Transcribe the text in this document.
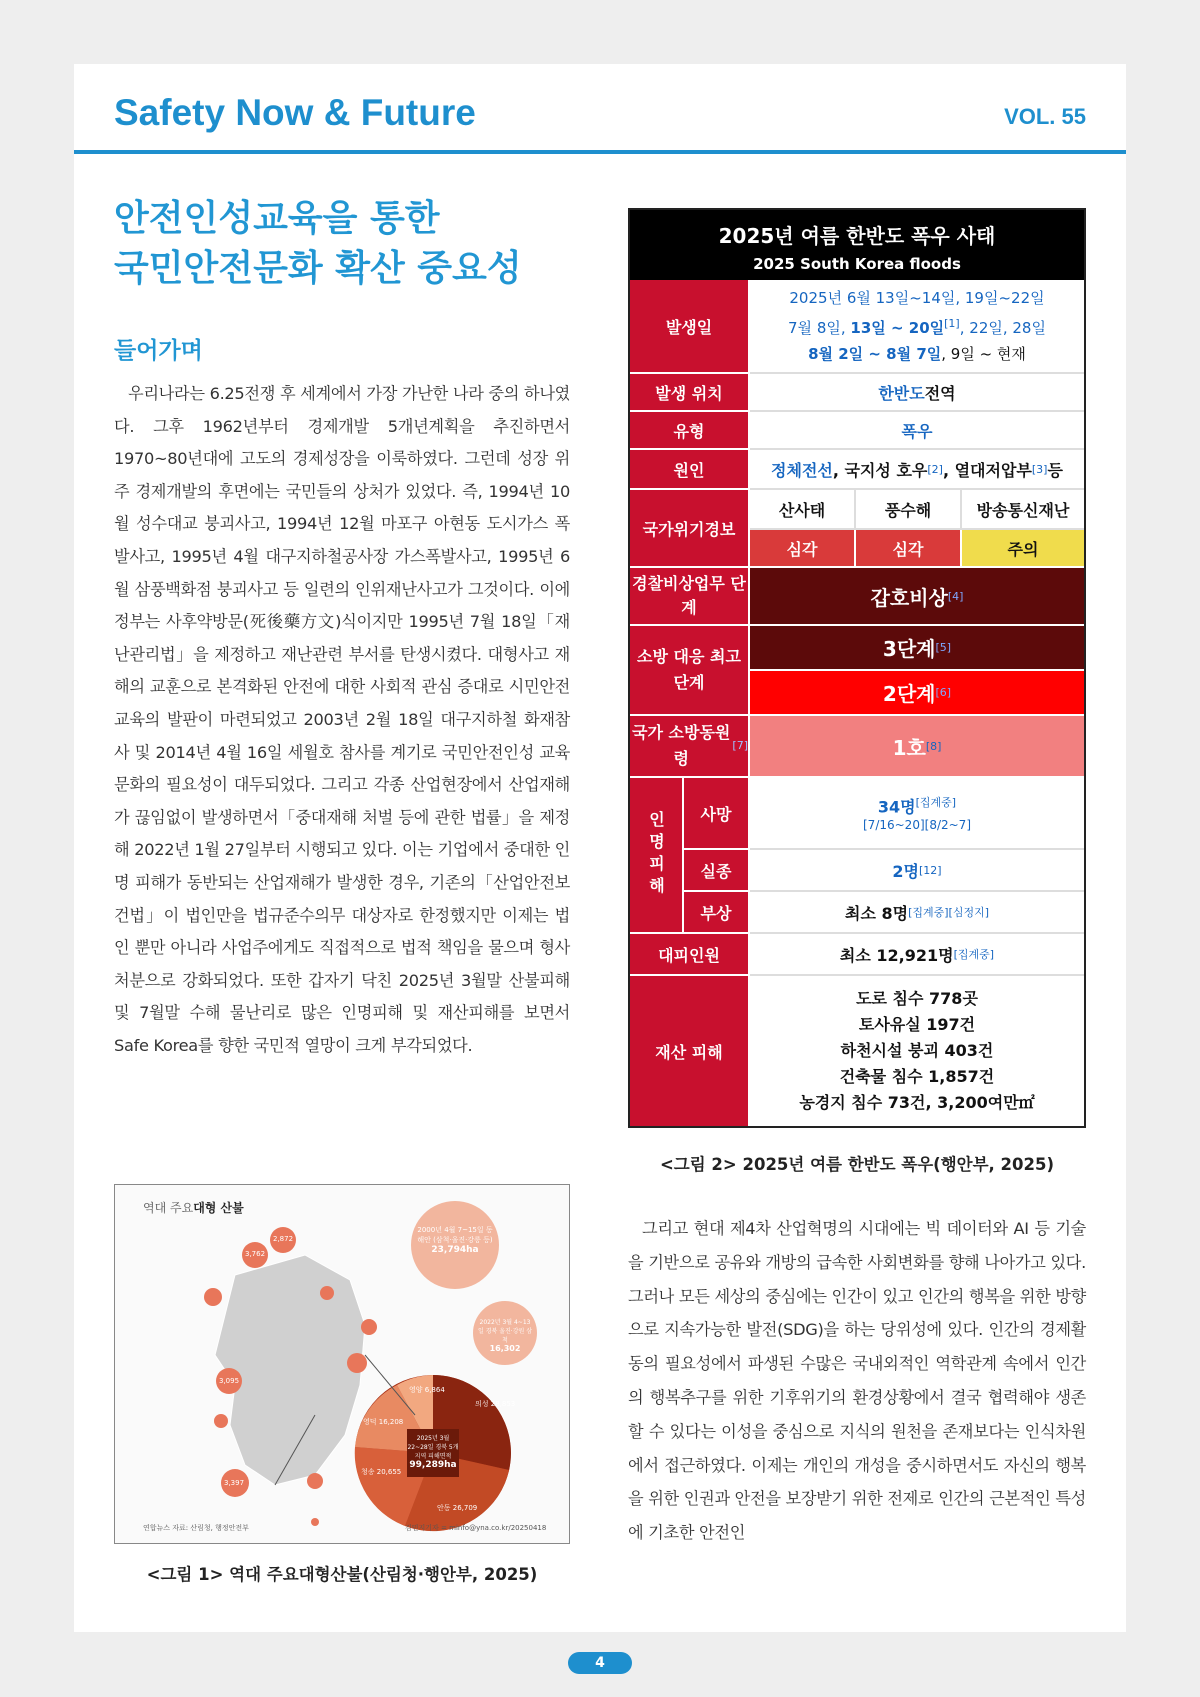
Safety Now & Future	VOL. 55
안전인성교육을 통한
국민안전문화 확산 중요성
들어가며
우리나라는 6.25전쟁 후 세계에서 가장 가난한 나라 중의 하나였다. 그후 1962년부터 경제개발 5개년계획을 추진하면서 1970~80년대에 고도의 경제성장을 이룩하였다. 그런데 성장 위주 경제개발의 후면에는 국민들의 상처가 있었다. 즉, 1994년 10월 성수대교 붕괴사고, 1994년 12월 마포구 아현동 도시가스 폭발사고, 1995년 4월 대구지하철공사장 가스폭발사고, 1995년 6월 삼풍백화점 붕괴사고 등 일련의 인위재난사고가 그것이다. 이에 정부는 사후약방문(死後藥方文)식이지만 1995년 7월 18일「재난관리법」을 제정하고 재난관련 부서를 탄생시켰다. 대형사고 재해의 교훈으로 본격화된 안전에 대한 사회적 관심 증대로 시민안전교육의 발판이 마련되었고 2003년 2월 18일 대구지하철 화재참사 및 2014년 4월 16일 세월호 참사를 계기로 국민안전인성 교육문화의 필요성이 대두되었다. 그리고 각종 산업현장에서 산업재해가 끊임없이 발생하면서「중대재해 처벌 등에 관한 법률」을 제정해 2022년 1월 27일부터 시행되고 있다. 이는 기업에서 중대한 인명 피해가 동반되는 산업재해가 발생한 경우, 기존의「산업안전보건법」이 법인만을 법규준수의무 대상자로 한정했지만 이제는 법인 뿐만 아니라 사업주에게도 직접적으로 법적 책임을 물으며 형사처분으로 강화되었다. 또한 갑자기 닥친 2025년 3월말 산불피해 및 7월말 수해 물난리로 많은 인명피해 및 재산피해를 보면서 Safe Korea를 향한 국민적 열망이 크게 부각되었다.
역대 주요대형 산불
2000년 4월 7~15일 동해안 (삼척·울진·강릉 등)
23,794ha
2022년 3월 4~13일 경북 울진·강원 삼척
16,302
2025년 3월22~28일 경북 5개 지역 피해면적
99,289ha
의성 28,853
청송 20,655
영덕 16,208
영양 6,864
안동 26,709
2,872
3,762
3,095
3,397
연합뉴스 자료: 산림청, 행정안전부	김민지기자 = minfo@yna.co.kr/20250418
<그림 1> 역대 주요대형산불(산림청·행안부, 2025)
2025년 여름 한반도 폭우 사태
2025 South Korea floods
발생일
2025년 6월 13일~14일, 19일~22일
7월 8일, 13일 ~ 20일[1], 22일, 28일
8월 2일 ~ 8월 7일, 9일 ~ 현재
발생 위치	한반도 전역
유형	폭우
원인	정체전선 , 국지성 호우 [2] , 열대저압부 [3] 등
국가위기경보
산사태	풍수해	방송통신재난
심각	심각	주의
경찰비상업무 단계	갑호비상 [4]
소방 대응 최고 단계
3단계 [5]
2단계 [6]
국가 소방동원령
[7]	1호 [8]
인명피해	사망	34명[집계중]
[7/16~20][8/2~7]
실종	2명 [12]
부상	최소 8명 [집계중][심정지]
대피인원	최소 12,921명 [집계중]
재산 피해
도로 침수 778곳
토사유실 197건
하천시설 붕괴 403건
건축물 침수 1,857건
농경지 침수 73건, 3,200여만㎡
<그림 2> 2025년 여름 한반도 폭우(행안부, 2025)
그리고 현대 제4차 산업혁명의 시대에는 빅 데이터와 AI 등 기술을 기반으로 공유와 개방의 급속한 사회변화를 향해 나아가고 있다. 그러나 모든 세상의 중심에는 인간이 있고 인간의 행복을 위한 방향으로 지속가능한 발전(SDG)을 하는 당위성에 있다. 인간의 경제활동의 필요성에서 파생된 수많은 국내외적인 역학관계 속에서 인간의 행복추구를 위한 기후위기의 환경상황에서 결국 협력해야 생존할 수 있다는 이성을 중심으로 지식의 원천을 존재보다는 인식차원에서 접근하였다. 이제는 개인의 개성을 중시하면서도 자신의 행복을 위한 인권과 안전을 보장받기 위한 전제로 인간의 근본적인 특성에 기초한 안전인
4
